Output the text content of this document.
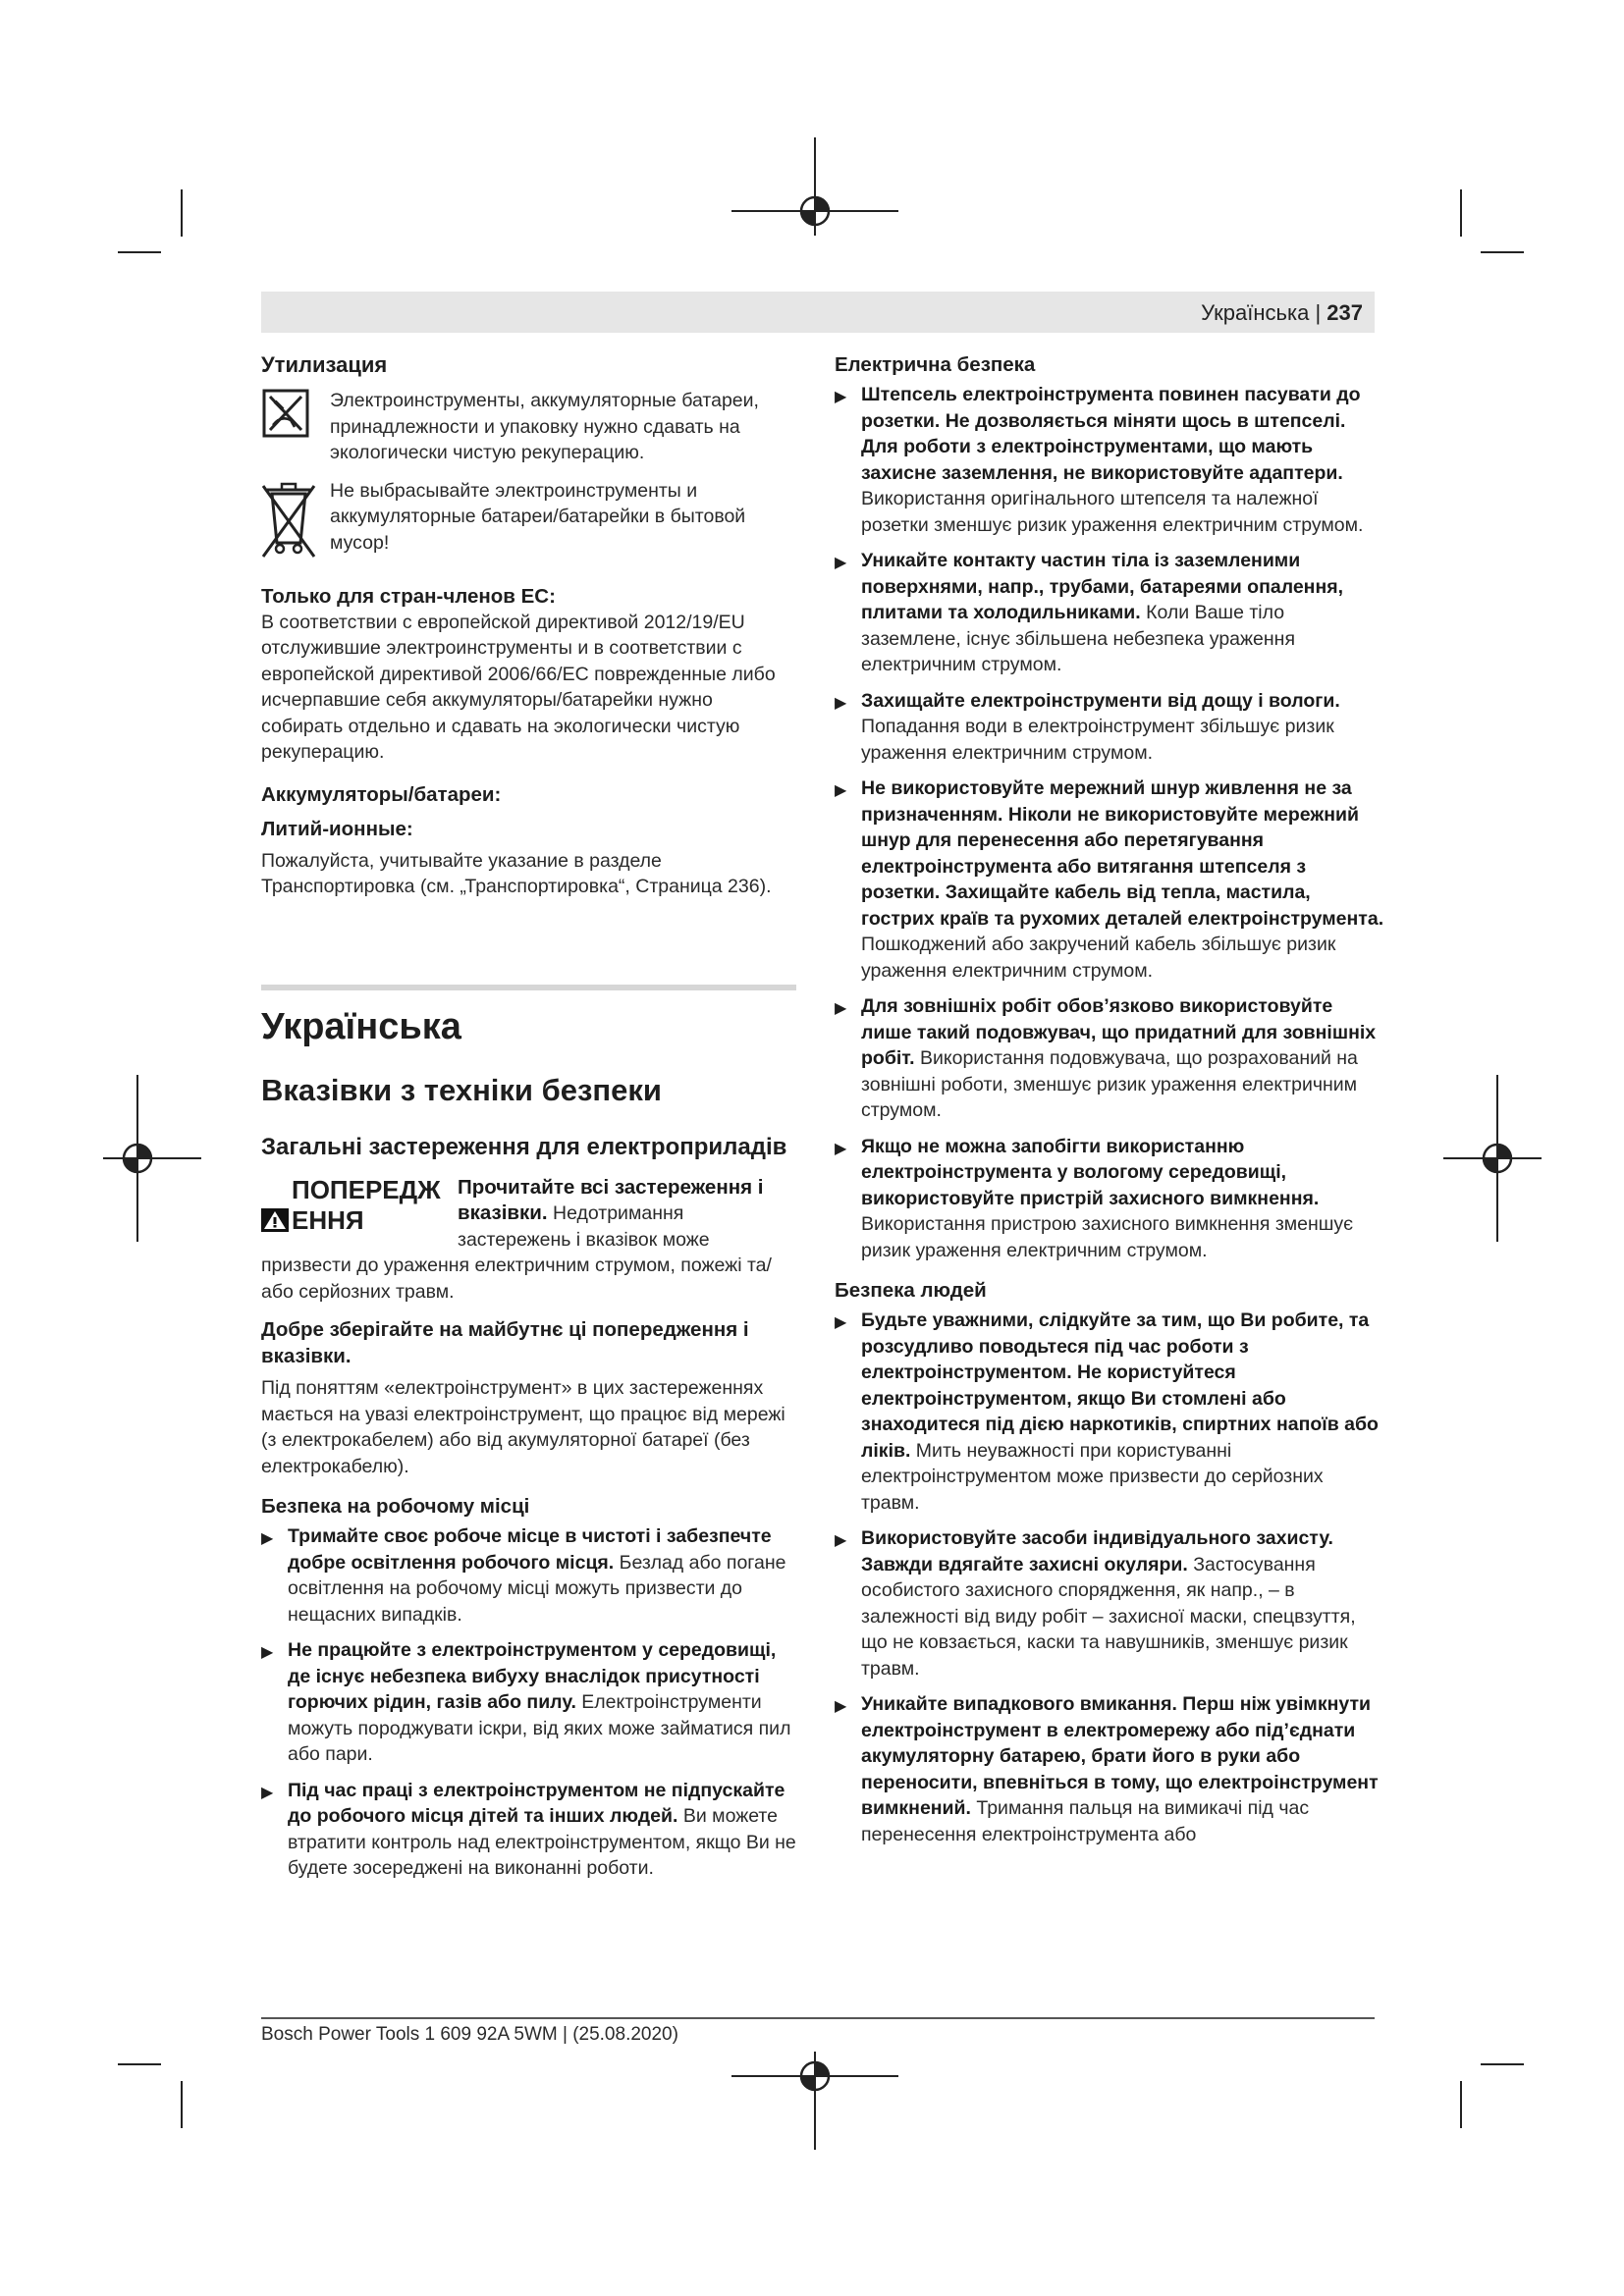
Українська | 237

Утилизация

Электроинструменты, аккумуляторные батареи, принадлежности и упаковку нужно сдавать на экологически чистую рекуперацию.

Не выбрасывайте электроинструменты и аккумуляторные батареи/батарейки в бытовой мусор!

Только для стран-членов ЕС:

В соответствии с европейской директивой 2012/19/EU отслужившие электроинструменты и в соответствии с европейской директивой 2006/66/EC поврежденные либо исчерпавшие себя аккумуляторы/батарейки нужно собирать отдельно и сдавать на экологически чистую рекуперацию.

Аккумуляторы/батареи:

Литий-ионные:

Пожалуйста, учитывайте указание в разделе Транспортировка (см. „Транспортировка“, Страница 236).

Українська

Вказівки з техніки безпеки

Загальні застереження для електроприладів

ПОПЕРЕДЖЕННЯ

Прочитайте всі застереження і вказівки. Недотримання застережень і вказівок може призвести до ураження електричним струмом, пожежі та/або серйозних травм.

Добре зберігайте на майбутнє ці попередження і вказівки.

Під поняттям «електроінструмент» в цих застереженнях мається на увазі електроінструмент, що працює від мережі (з електрокабелем) або від акумуляторної батареї (без електрокабелю).

Безпека на робочому місці

▶ Тримайте своє робоче місце в чистоті і забезпечте добре освітлення робочого місця. Безлад або погане освітлення на робочому місці можуть призвести до нещасних випадків.
▶ Не працюйте з електроінструментом у середовищі, де існує небезпека вибуху внаслідок присутності горючих рідин, газів або пилу. Електроінструменти можуть породжувати іскри, від яких може займатися пил або пари.
▶ Під час праці з електроінструментом не підпускайте до робочого місця дітей та інших людей. Ви можете втратити контроль над електроінструментом, якщо Ви не будете зосереджені на виконанні роботи.

Електрична безпека

▶ Штепсель електроінструмента повинен пасувати до розетки. Не дозволяється міняти щось в штепселі. Для роботи з електроінструментами, що мають захисне заземлення, не використовуйте адаптери. Використання оригінального штепселя та належної розетки зменшує ризик ураження електричним струмом.
▶ Уникайте контакту частин тіла із заземленими поверхнями, напр., трубами, батареями опалення, плитами та холодильниками. Коли Ваше тіло заземлене, існує збільшена небезпека ураження електричним струмом.
▶ Захищайте електроінструменти від дощу і вологи. Попадання води в електроінструмент збільшує ризик ураження електричним струмом.
▶ Не використовуйте мережний шнур живлення не за призначенням. Ніколи не використовуйте мережний шнур для перенесення або перетягування електроінструмента або витягання штепселя з розетки. Захищайте кабель від тепла, мастила, гострих країв та рухомих деталей електроінструмента. Пошкоджений або закручений кабель збільшує ризик ураження електричним струмом.
▶ Для зовнішніх робіт обов’язково використовуйте лише такий подовжувач, що придатний для зовнішніх робіт. Використання подовжувача, що розрахований на зовнішні роботи, зменшує ризик ураження електричним струмом.
▶ Якщо не можна запобігти використанню електроінструмента у вологому середовищі, використовуйте пристрій захисного вимкнення. Використання пристрою захисного вимкнення зменшує ризик ураження електричним струмом.

Безпека людей

▶ Будьте уважними, слідкуйте за тим, що Ви робите, та розсудливо поводьтеся під час роботи з електроінструментом. Не користуйтеся електроінструментом, якщо Ви стомлені або знаходитеся під дією наркотиків, спиртних напоїв або ліків. Мить неуважності при користуванні електроінструментом може призвести до серйозних травм.
▶ Використовуйте засоби індивідуального захисту. Завжди вдягайте захисні окуляри. Застосування особистого захисного спорядження, як напр., – в залежності від виду робіт – захисної маски, спецвзуття, що не ковзається, каски та навушників, зменшує ризик травм.
▶ Уникайте випадкового вмикання. Перш ніж увімкнути електроінструмент в електромережу або під’єднати акумуляторну батарею, брати його в руки або переносити, впевніться в тому, що електроінструмент вимкнений. Тримання пальця на вимикачі під час перенесення електроінструмента або
Bosch Power Tools 1 609 92A 5WM | (25.08.2020)
